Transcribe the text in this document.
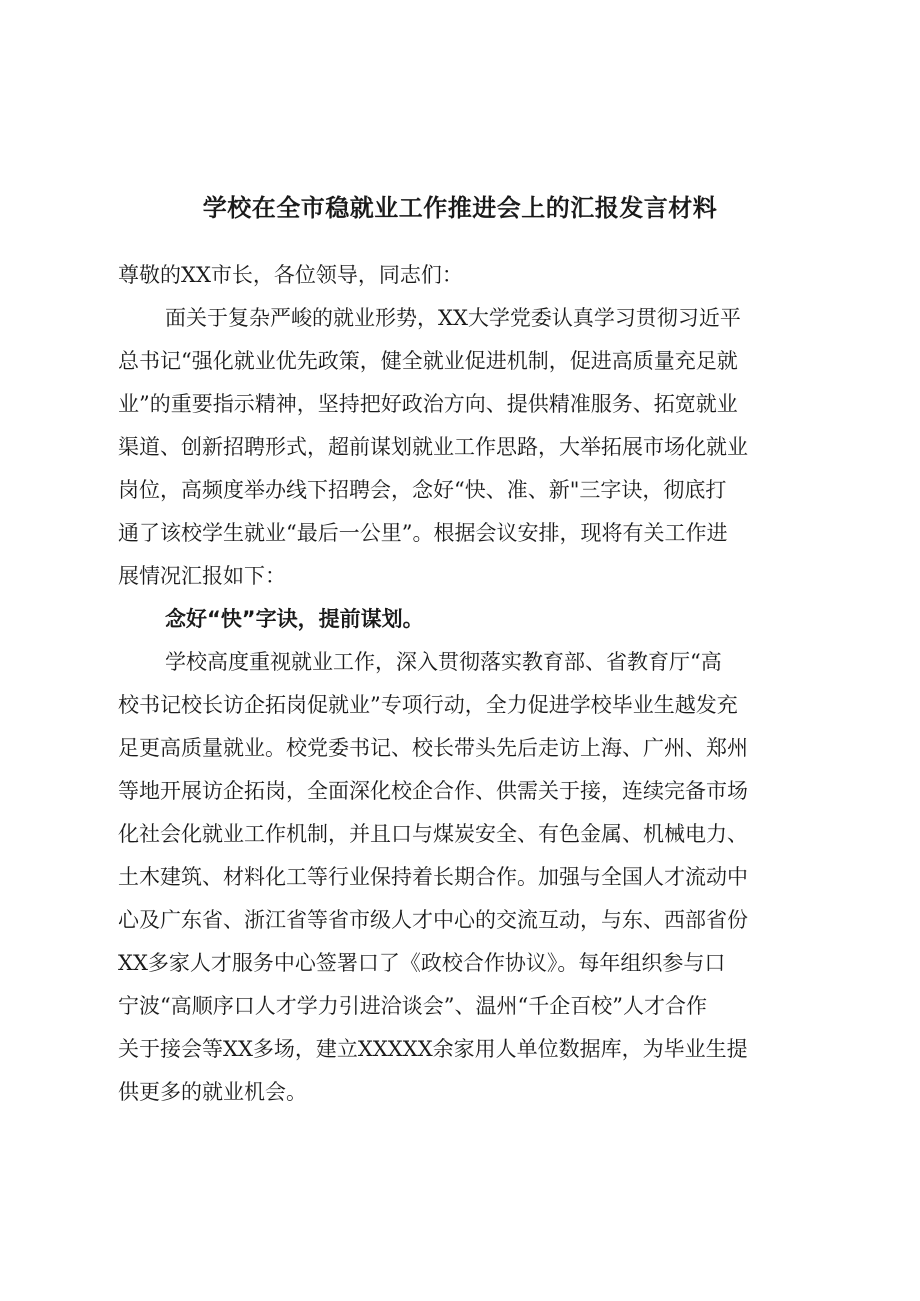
学校在全市稳就业工作推进会上的汇报发言材料
尊敬的XX市长，各位领导，同志们：
面关于复杂严峻的就业形势，XX大学党委认真学习贯彻习近平
总书记“强化就业优先政策，健全就业促进机制，促进高质量充足就
业”的重要指示精神，坚持把好政治方向、提供精准服务、拓宽就业
渠道、创新招聘形式，超前谋划就业工作思路，大举拓展市场化就业
岗位，高频度举办线下招聘会，念好“快、准、新"三字诀，彻底打
通了该校学生就业“最后一公里”。根据会议安排，现将有关工作进
展情况汇报如下：
念好“快”字诀，提前谋划。
学校高度重视就业工作，深入贯彻落实教育部、省教育厅“高
校书记校长访企拓岗促就业”专项行动，全力促进学校毕业生越发充
足更高质量就业。校党委书记、校长带头先后走访上海、广州、郑州
等地开展访企拓岗，全面深化校企合作、供需关于接，连续完备市场
化社会化就业工作机制，并且口与煤炭安全、有色金属、机械电力、
土木建筑、材料化工等行业保持着长期合作。加强与全国人才流动中
心及广东省、浙江省等省市级人才中心的交流互动，与东、西部省份
XX多家人才服务中心签署口了《政校合作协议》。每年组织参与口
宁波“高顺序口人才学力引进洽谈会”、温州“千企百校”人才合作
关于接会等XX多场，建立XXXXX余家用人单位数据库，为毕业生提
供更多的就业机会。
